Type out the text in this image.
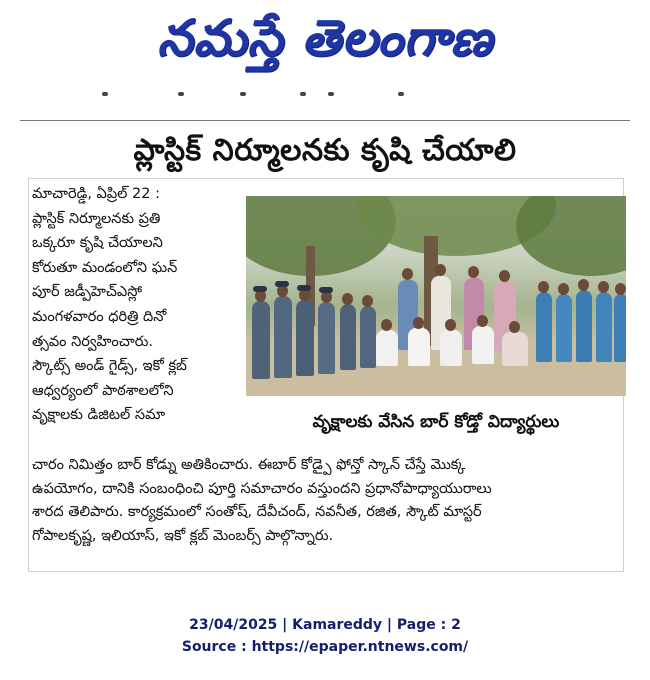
నమస్తే తెలంగాణ
ప్లాస్టిక్ నిర్మూలనకు కృషి చేయాలి

మాచారెడ్డి, ఏప్రిల్ 22 :

ప్లాస్టిక్ నిర్మూలనకు ప్రతి

ఒక్కరూ కృషి చేయాలని

కోరుతూ మండంలోని ఘన్

పూర్ జడ్పీహెచ్ఎస్లో

మంగళవారం ధరిత్రి దినో

త్సవం నిర్వహించారు.

స్కౌట్స్ అండ్ గైడ్స్, ఇకో క్లబ్

ఆధ్వర్యంలో పాఠశాలలోని

వృక్షాలకు డిజిటల్ సమా	వృక్షాలకు వేసిన బార్ కోడ్తో విద్యార్థులు

చారం నిమిత్తం బార్ కోడ్ను అతికించారు. ఈబార్ కోడ్పై ఫోన్తో స్కాన్ చేస్తే మొక్క

ఉపయోగం, దానికి సంబంధించి పూర్తి సమాచారం వస్తుందని ప్రధానోపాధ్యాయురాలు

శారద తెలిపారు. కార్యక్రమంలో సంతోష్, దేవీచంద్, నవనీత, రజిత, స్కౌట్ మాస్టర్

గోపాలకృష్ణ, ఇలియాస్, ఇకో క్లబ్ మెంబర్స్ పాల్గొన్నారు.

23/04/2025 | Kamareddy | Page : 2
Source : https://epaper.ntnews.com/
